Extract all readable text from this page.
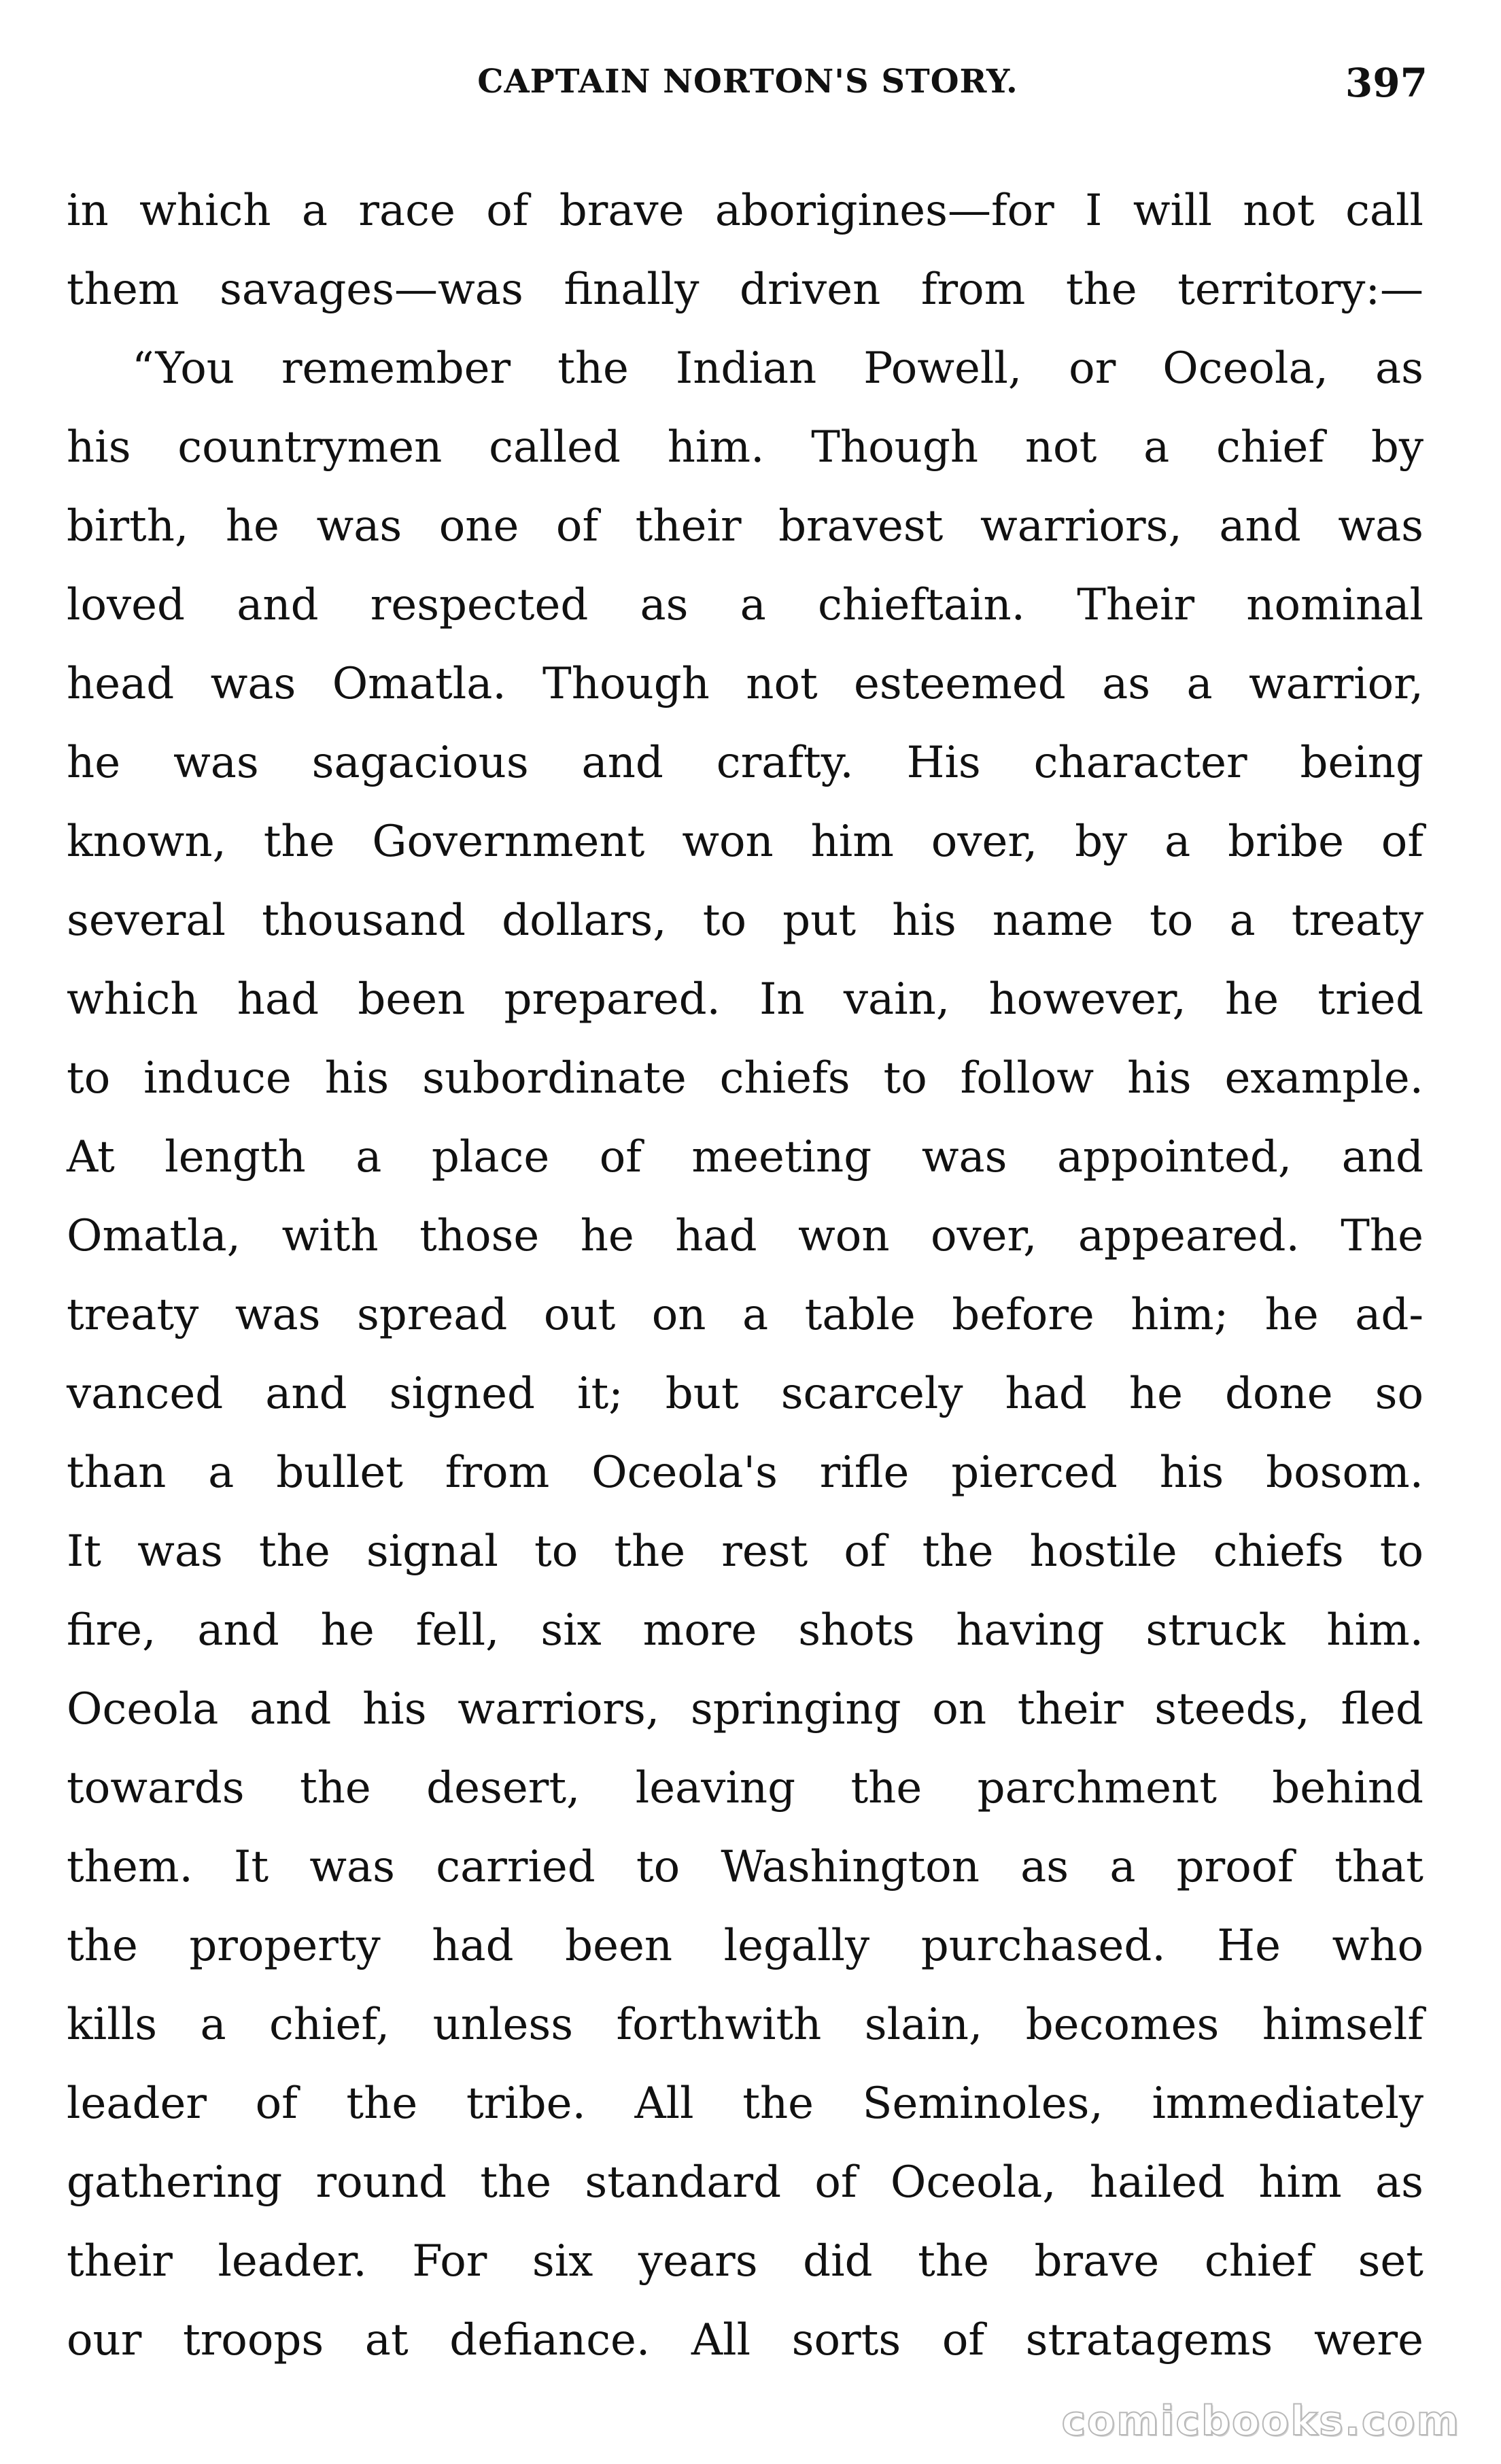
CAPTAIN NORTON'S STORY.	397
in which a race of brave aborigines—for I will not call
them savages—was finally driven from the territory:—
“You remember the Indian Powell, or Oceola, as
his countrymen called him. Though not a chief by
birth, he was one of their bravest warriors, and was
loved and respected as a chieftain. Their nominal
head was Omatla. Though not esteemed as a warrior,
he was sagacious and crafty. His character being
known, the Government won him over, by a bribe of
several thousand dollars, to put his name to a treaty
which had been prepared. In vain, however, he tried
to induce his subordinate chiefs to follow his example.
At length a place of meeting was appointed, and
Omatla, with those he had won over, appeared. The
treaty was spread out on a table before him; he ad-
vanced and signed it; but scarcely had he done so
than a bullet from Oceola's rifle pierced his bosom.
It was the signal to the rest of the hostile chiefs to
fire, and he fell, six more shots having struck him.
Oceola and his warriors, springing on their steeds, fled
towards the desert, leaving the parchment behind
them. It was carried to Washington as a proof that
the property had been legally purchased. He who
kills a chief, unless forthwith slain, becomes himself
leader of the tribe. All the Seminoles, immediately
gathering round the standard of Oceola, hailed him as
their leader. For six years did the brave chief set
our troops at defiance. All sorts of stratagems were
comicbooks.com
